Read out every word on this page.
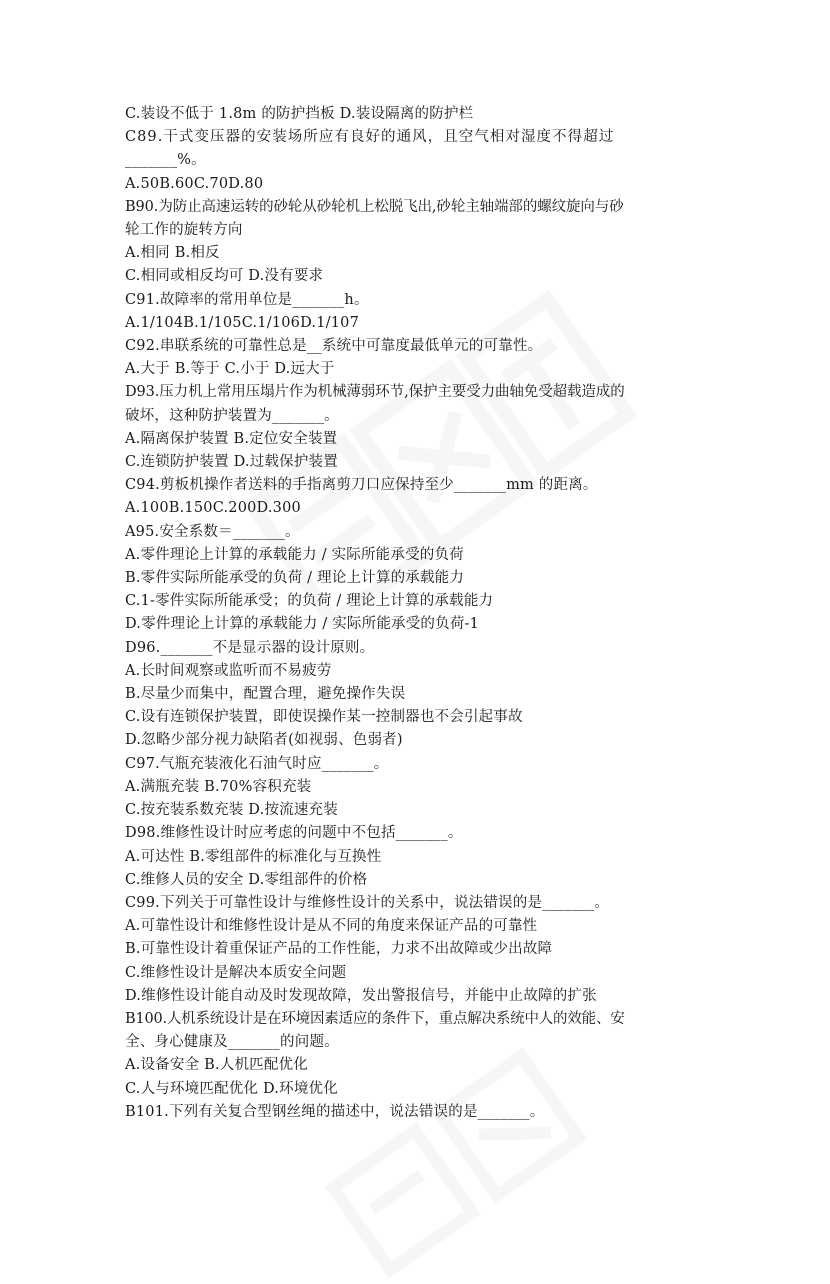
C.装设不低于 1.8m 的防护挡板 D.装设隔离的防护栏
C89.干式变压器的安装场所应有良好的通风，且空气相对湿度不得超过
_______%。
A.50B.60C.70D.80
B90.为防止高速运转的砂轮从砂轮机上松脱飞出,砂轮主轴端部的螺纹旋向与砂
轮工作的旋转方向
A.相同 B.相反
C.相同或相反均可 D.没有要求
C91.故障率的常用单位是_______h。
A.1/104B.1/105C.1/106D.1/107
C92.串联系统的可靠性总是__系统中可靠度最低单元的可靠性。
A.大于 B.等于 C.小于 D.远大于
D93.压力机上常用压塌片作为机械薄弱环节,保护主要受力曲轴免受超载造成的
破坏，这种防护装置为_______。
A.隔离保护装置 B.定位安全装置
C.连锁防护装置 D.过载保护装置
C94.剪板机操作者送料的手指离剪刀口应保持至少_______mm 的距离。
A.100B.150C.200D.300
A95.安全系数＝_______。
A.零件理论上计算的承载能力 / 实际所能承受的负荷
B.零件实际所能承受的负荷 / 理论上计算的承载能力
C.1-零件实际所能承受；的负荷 / 理论上计算的承载能力
D.零件理论上计算的承载能力 / 实际所能承受的负荷-1
D96._______不是显示器的设计原则。
A.长时间观察或监听而不易疲劳
B.尽量少而集中，配置合理，避免操作失误
C.设有连锁保护装置，即使误操作某一控制器也不会引起事故
D.忽略少部分视力缺陷者(如视弱、色弱者)
C97.气瓶充装液化石油气时应_______。
A.满瓶充装 B.70%容积充装
C.按充装系数充装 D.按流速充装
D98.维修性设计时应考虑的问题中不包括_______。
A.可达性 B.零组部件的标准化与互换性
C.维修人员的安全 D.零组部件的价格
C99.下列关于可靠性设计与维修性设计的关系中，说法错误的是_______。
A.可靠性设计和维修性设计是从不同的角度来保证产品的可靠性
B.可靠性设计着重保证产品的工作性能，力求不出故障或少出故障
C.维修性设计是解决本质安全问题
D.维修性设计能自动及时发现故障，发出警报信号，并能中止故障的扩张
B100.人机系统设计是在环境因素适应的条件下，重点解决系统中人的效能、安
全、身心健康及_______的问题。
A.设备安全 B.人机匹配优化
C.人与环境匹配优化 D.环境优化
B101.下列有关复合型钢丝绳的描述中，说法错误的是_______。
